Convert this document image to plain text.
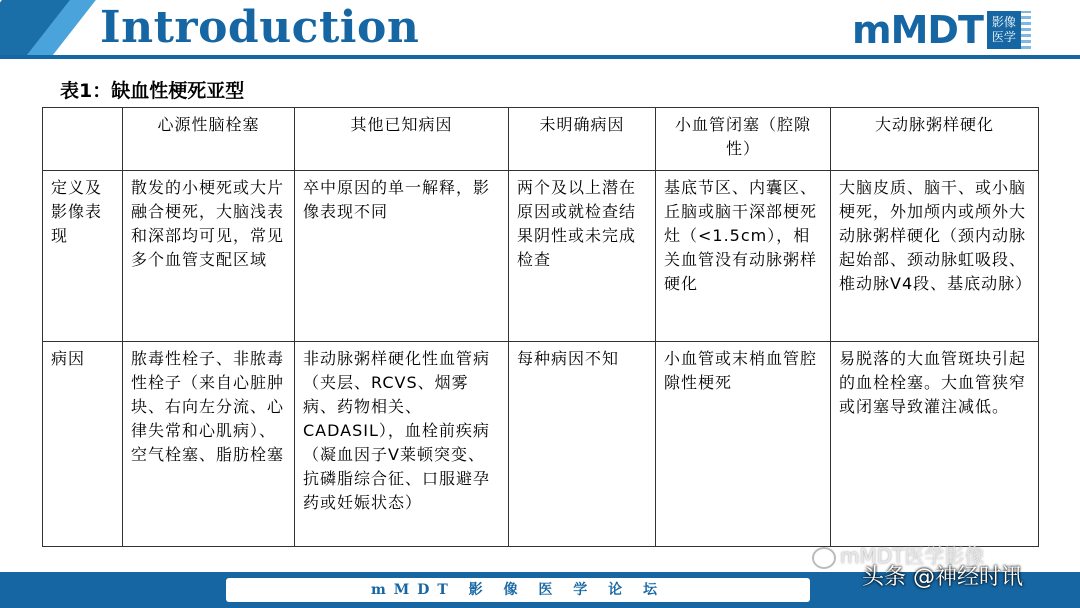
Introduction	mMDT 影像
医学
表1：缺血性梗死亚型
	心源性脑栓塞	其他已知病因	未明确病因	小血管闭塞（腔隙性）	大动脉粥样硬化
定义及影像表现	散发的小梗死或大片融合梗死，大脑浅表和深部均可见，常见多个血管支配区域	卒中原因的单一解释，影像表现不同	两个及以上潜在原因或就检查结果阴性或未完成检查	基底节区、内囊区、丘脑或脑干深部梗死灶（<1.5cm），相关血管没有动脉粥样硬化	大脑皮质、脑干、或小脑梗死，外加颅内或颅外大动脉粥样硬化（颈内动脉起始部、颈动脉虹吸段、椎动脉V4段、基底动脉）
病因	脓毒性栓子、非脓毒性栓子（来自心脏肿块、右向左分流、心律失常和心肌病）、空气栓塞、脂肪栓塞	非动脉粥样硬化性血管病（夹层、RCVS、烟雾病、药物相关、CADASIL），血栓前疾病（凝血因子V莱顿突变、抗磷脂综合征、口服避孕药或妊娠状态）	每种病因不知	小血管或末梢血管腔隙性梗死	易脱落的大血管斑块引起的血栓栓塞。大血管狭窄或闭塞导致灌注减低。
mMDT医学影像
mMDT 影 像 医 学 论 坛	头条 @神经时讯
